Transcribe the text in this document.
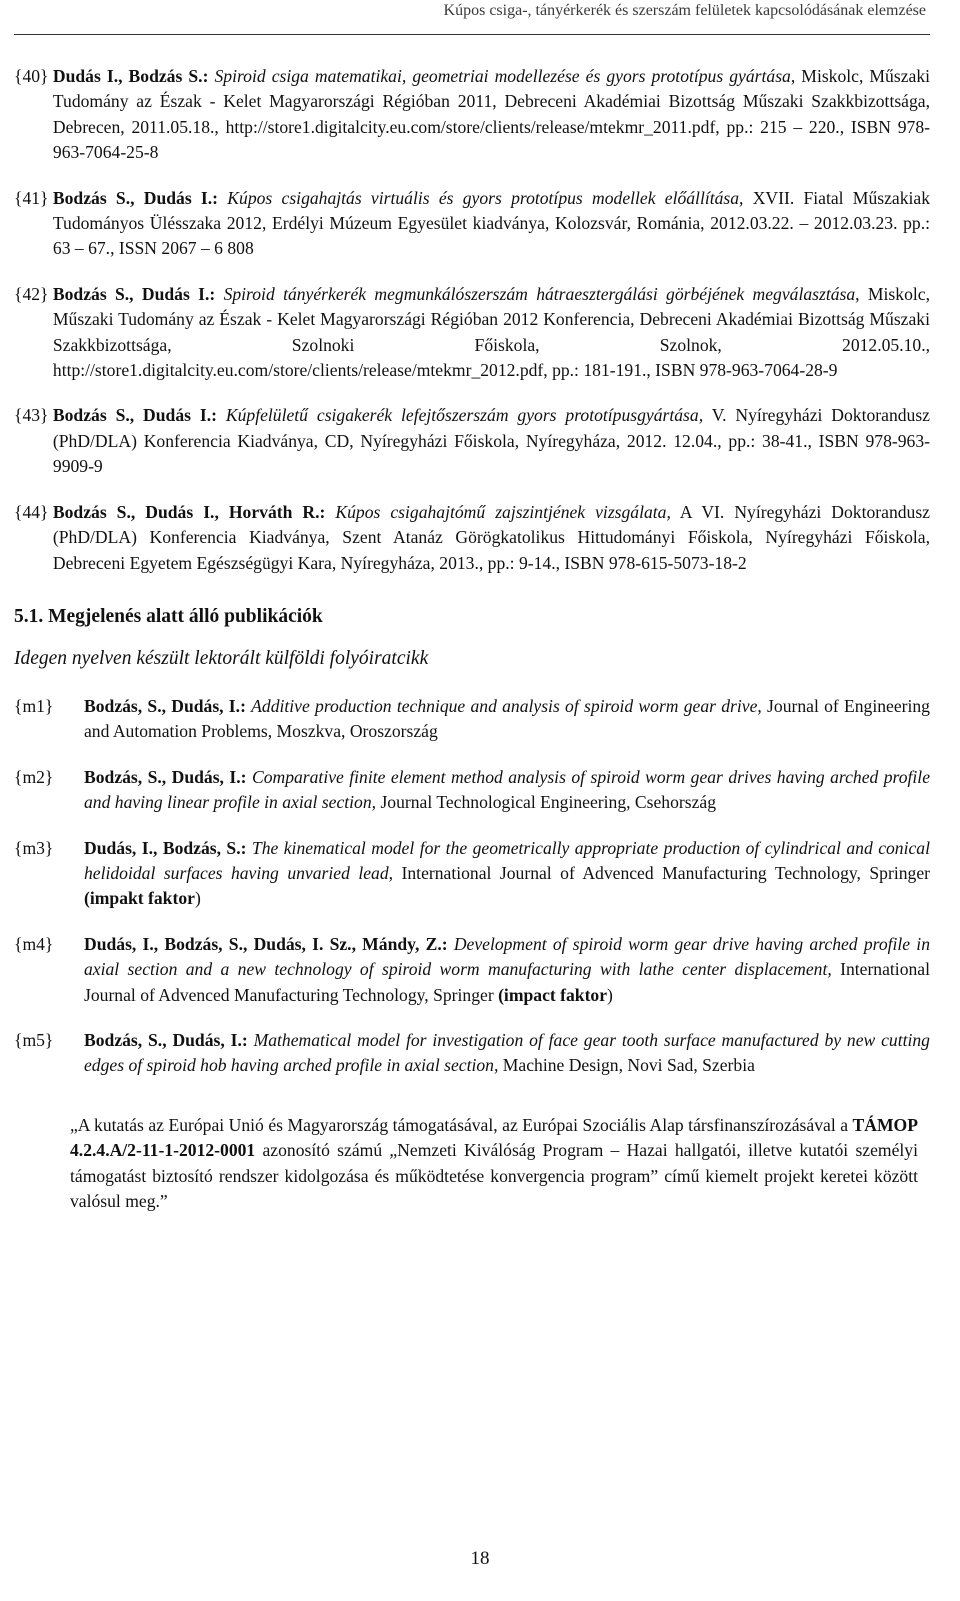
Kúpos csiga-, tányérkerék és szerszám felületek kapcsolódásának elemzése
{40} Dudás I., Bodzás S.: Spiroid csiga matematikai, geometriai modellezése és gyors prototípus gyártása, Miskolc, Műszaki Tudomány az Észak - Kelet Magyarországi Régióban 2011, Debreceni Akadémiai Bizottság Műszaki Szakkbizottsága, Debrecen, 2011.05.18., http://store1.digitalcity.eu.com/store/clients/release/mtekmr_2011.pdf, pp.: 215 – 220., ISBN 978-963-7064-25-8
{41} Bodzás S., Dudás I.: Kúpos csigahajtás virtuális és gyors prototípus modellek előállítása, XVII. Fiatal Műszakiak Tudományos Ülésszaka 2012, Erdélyi Múzeum Egyesület kiadványa, Kolozsvár, Románia, 2012.03.22. – 2012.03.23. pp.: 63 – 67., ISSN 2067 – 6 808
{42} Bodzás S., Dudás I.: Spiroid tányérkerék megmunkálószerszám hátraesztergálási görbéjének megválasztása, Miskolc, Műszaki Tudomány az Észak - Kelet Magyarországi Régióban 2012 Konferencia, Debreceni Akadémiai Bizottság Műszaki Szakkbizottsága, Szolnoki Főiskola, Szolnok, 2012.05.10., http://store1.digitalcity.eu.com/store/clients/release/mtekmr_2012.pdf, pp.: 181-191., ISBN 978-963-7064-28-9
{43} Bodzás S., Dudás I.: Kúpfelületű csigakerék lefejtőszerszám gyors prototípusgyártása, V. Nyíregyházi Doktorandusz (PhD/DLA) Konferencia Kiadványa, CD, Nyíregyházi Főiskola, Nyíregyháza, 2012. 12.04., pp.: 38-41., ISBN 978-963-9909-9
{44} Bodzás S., Dudás I., Horváth R.: Kúpos csigahajtómű zajszintjének vizsgálata, A VI. Nyíregyházi Doktorandusz (PhD/DLA) Konferencia Kiadványa, Szent Atanáz Görögkatolikus Hittudományi Főiskola, Nyíregyházi Főiskola, Debreceni Egyetem Egészségügyi Kara, Nyíregyháza, 2013., pp.: 9-14., ISBN 978-615-5073-18-2
5.1. Megjelenés alatt álló publikációk
Idegen nyelven készült lektorált külföldi folyóiratcikk
{m1}	Bodzás, S., Dudás, I.: Additive production technique and analysis of spiroid worm gear drive, Journal of Engineering and Automation Problems, Moszkva, Oroszország
{m2}	Bodzás, S., Dudás, I.: Comparative finite element method analysis of spiroid worm gear drives having arched profile and having linear profile in axial section, Journal Technological Engineering, Csehország
{m3}	Dudás, I., Bodzás, S.: The kinematical model for the geometrically appropriate production of cylindrical and conical helidoidal surfaces having unvaried lead, International Journal of Advenced Manufacturing Technology, Springer (impakt faktor)
{m4}	Dudás, I., Bodzás, S., Dudás, I. Sz., Mándy, Z.: Development of spiroid worm gear drive having arched profile in axial section and a new technology of spiroid worm manufacturing with lathe center displacement, International Journal of Advenced Manufacturing Technology, Springer (impact faktor)
{m5}	Bodzás, S., Dudás, I.: Mathematical model for investigation of face gear tooth surface manufactured by new cutting edges of spiroid hob having arched profile in axial section, Machine Design, Novi Sad, Szerbia
„A kutatás az Európai Unió és Magyarország támogatásával, az Európai Szociális Alap társfinanszírozásával a TÁMOP 4.2.4.A/2-11-1-2012-0001 azonosító számú „Nemzeti Kiválóság Program – Hazai hallgatói, illetve kutatói személyi támogatást biztosító rendszer kidolgozása és működtetése konvergencia program” című kiemelt projekt keretei között valósul meg.”
18
